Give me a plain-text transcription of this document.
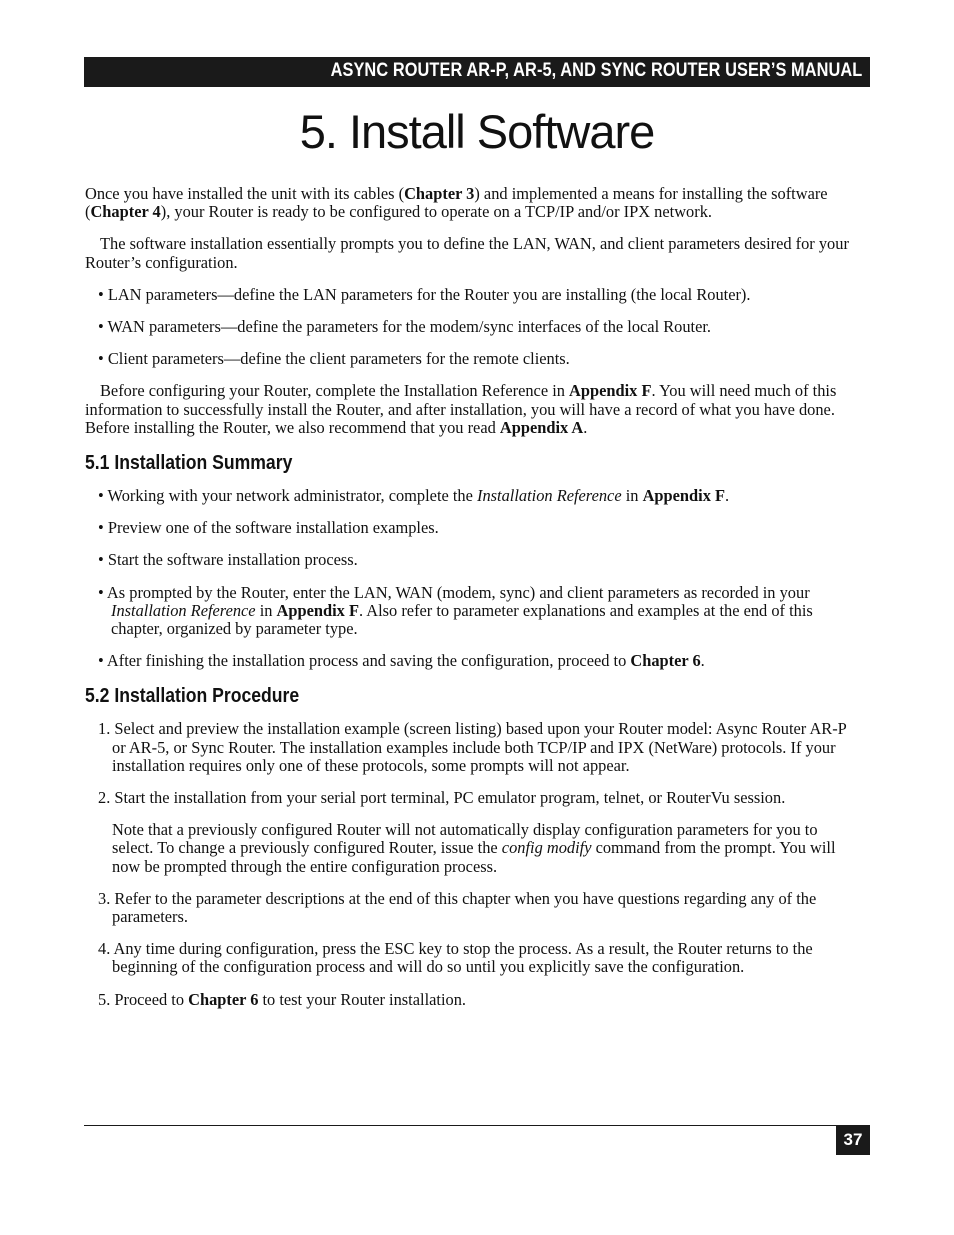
ASYNC ROUTER AR-P, AR-5, AND SYNC ROUTER USER’S MANUAL
5. Install Software

Once you have installed the unit with its cables (Chapter 3) and implemented a means for installing the software (Chapter 4), your Router is ready to be configured to operate on a TCP/IP and/or IPX network.

The software installation essentially prompts you to define the LAN, WAN, and client parameters desired for your Router’s configuration.

• LAN parameters—define the LAN parameters for the Router you are installing (the local Router).

• WAN parameters—define the parameters for the modem/sync interfaces of the local Router.

• Client parameters—define the client parameters for the remote clients.

Before configuring your Router, complete the Installation Reference in Appendix F. You will need much of this information to successfully install the Router, and after installation, you will have a record of what you have done. Before installing the Router, we also recommend that you read Appendix A.

5.1 Installation Summary

• Working with your network administrator, complete the Installation Reference in Appendix F.

• Preview one of the software installation examples.

• Start the software installation process.

• As prompted by the Router, enter the LAN, WAN (modem, sync) and client parameters as recorded in your Installation Reference in Appendix F. Also refer to parameter explanations and examples at the end of this chapter, organized by parameter type.

• After finishing the installation process and saving the configuration, proceed to Chapter 6.

5.2 Installation Procedure

1. Select and preview the installation example (screen listing) based upon your Router model: Async Router AR-P or AR-5, or Sync Router. The installation examples include both TCP/IP and IPX (NetWare) protocols. If your installation requires only one of these protocols, some prompts will not appear.

2. Start the installation from your serial port terminal, PC emulator program, telnet, or RouterVu session.

Note that a previously configured Router will not automatically display configuration parameters for you to select. To change a previously configured Router, issue the config modify command from the prompt. You will now be prompted through the entire configuration process.

3. Refer to the parameter descriptions at the end of this chapter when you have questions regarding any of the parameters.

4. Any time during configuration, press the ESC key to stop the process. As a result, the Router returns to the beginning of the configuration process and will do so until you explicitly save the configuration.

5. Proceed to Chapter 6 to test your Router installation.

37
